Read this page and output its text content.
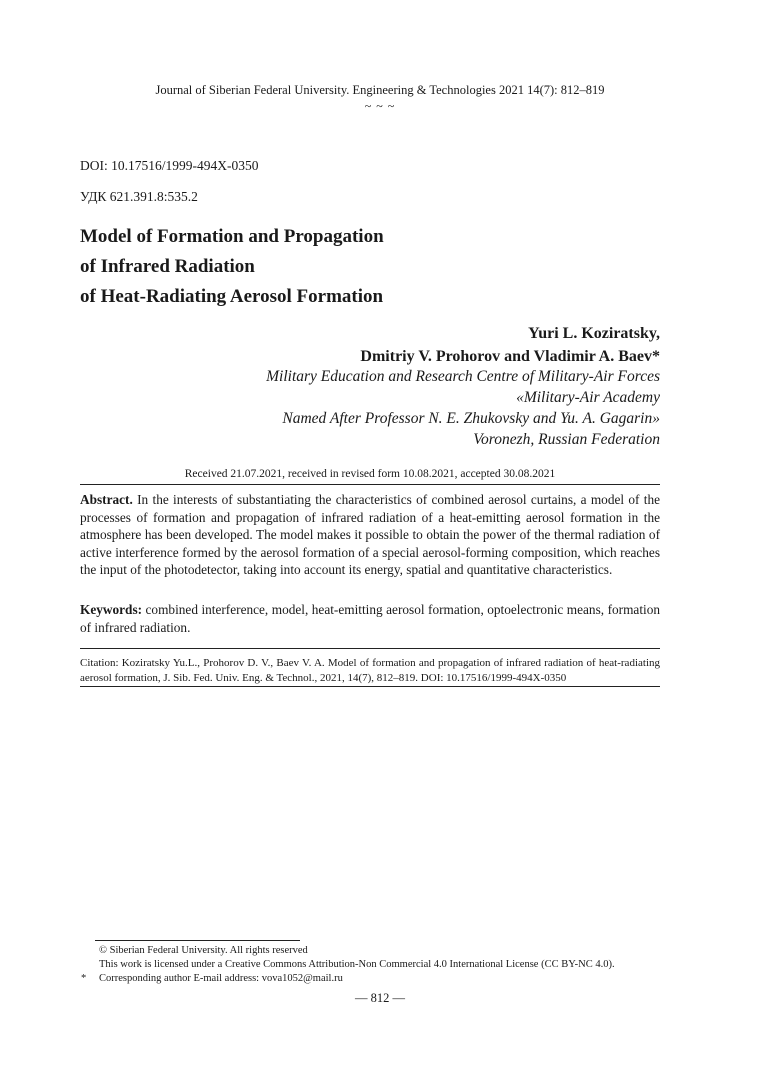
Journal of Siberian Federal University. Engineering & Technologies 2021 14(7): 812–819
~ ~ ~
DOI: 10.17516/1999-494X-0350
УДК 621.391.8:535.2
Model of Formation and Propagation
of Infrared Radiation
of Heat-Radiating Aerosol Formation
Yuri L. Koziratsky,
Dmitriy V. Prohorov and Vladimir A. Baev*
Military Education and Research Centre of Military-Air Forces
«Military-Air Academy
Named After Professor N. E. Zhukovsky and Yu. A. Gagarin»
Voronezh, Russian Federation
Received 21.07.2021, received in revised form 10.08.2021, accepted 30.08.2021
Abstract. In the interests of substantiating the characteristics of combined aerosol curtains, a model of the processes of formation and propagation of infrared radiation of a heat-emitting aerosol formation in the atmosphere has been developed. The model makes it possible to obtain the power of the thermal radiation of active interference formed by the aerosol formation of a special aerosol-forming composition, which reaches the input of the photodetector, taking into account its energy, spatial and quantitative characteristics.
Keywords: combined interference, model, heat-emitting aerosol formation, optoelectronic means, formation of infrared radiation.
Citation: Koziratsky Yu.L., Prohorov D. V., Baev V. A. Model of formation and propagation of infrared radiation of heat-radiating aerosol formation, J. Sib. Fed. Univ. Eng. & Technol., 2021, 14(7), 812–819. DOI: 10.17516/1999-494X-0350
© Siberian Federal University. All rights reserved
This work is licensed under a Creative Commons Attribution-Non Commercial 4.0 International License (CC BY-NC 4.0).
* Corresponding author E-mail address: vova1052@mail.ru
— 812 —
